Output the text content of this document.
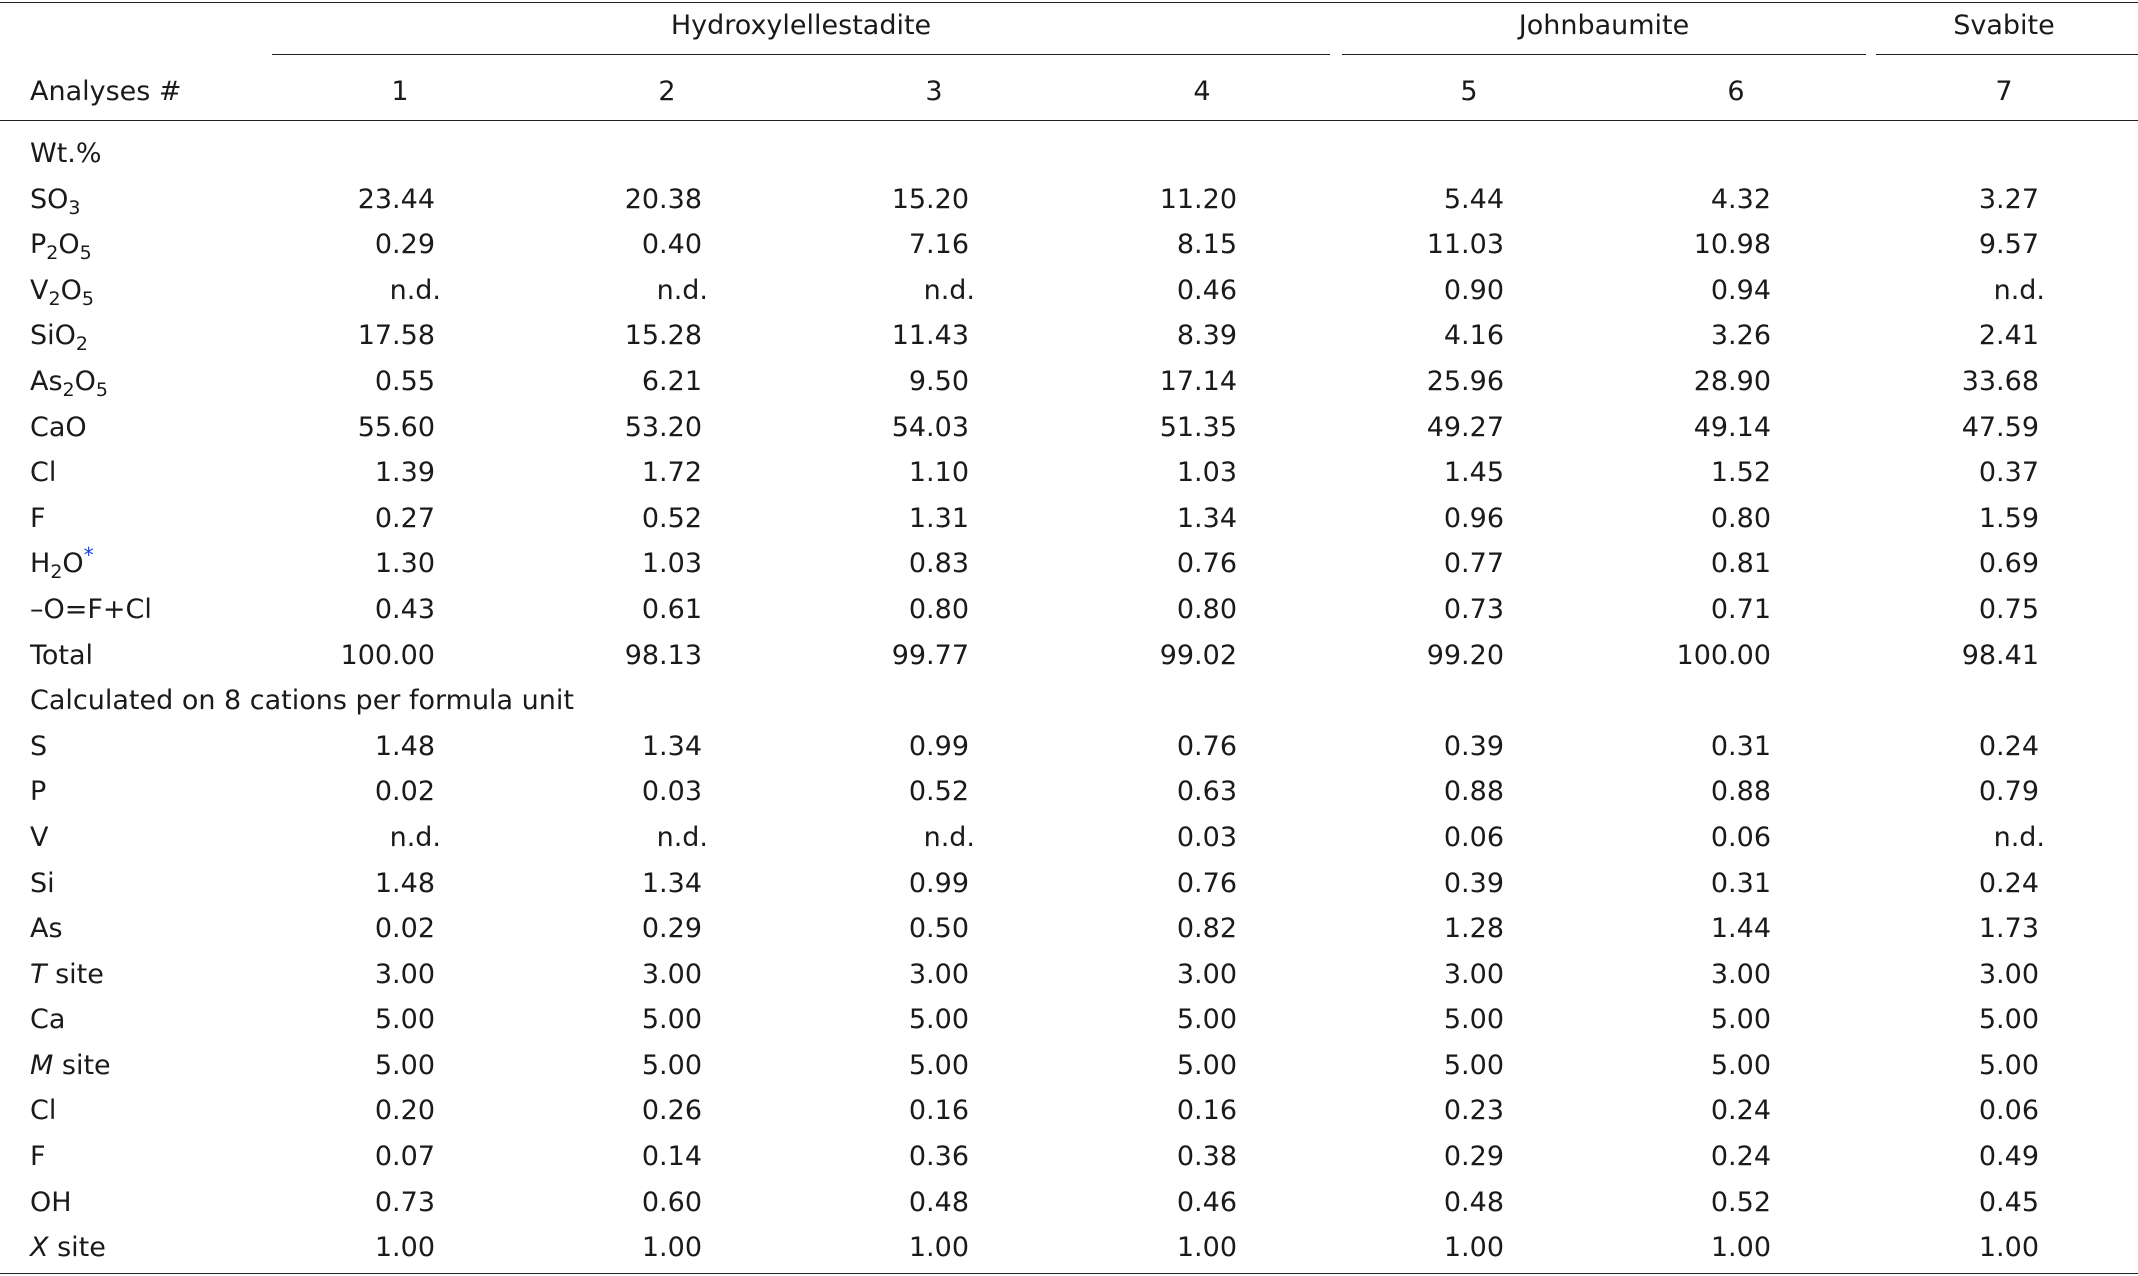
Hydroxylellestadite	Johnbaumite	Svabite
Analyses #	1	2	3	4	5	6	7
Wt.%
$SO_3$	23.44	20.38	15.20	11.20	5.44	4.32	3.27
$P_2O_5$	0.29	0.40	7.16	8.15	11.03	10.98	9.57
$V_2O_5$	n.d.	n.d.	n.d.	0.46	0.90	0.94	n.d.
SiO$_2$	17.58	15.28	11.43	8.39	4.16	3.26	2.41
$As_2O_5$	0.55	6.21	9.50	17.14	25.96	28.90	33.68
CaO	55.60	53.20	54.03	51.35	49.27	49.14	47.59
Cl	1.39	1.72	1.10	1.03	1.45	1.52	0.37
F	0.27	0.52	1.31	1.34	0.96	0.80	1.59
$H_2O^*$	1.30	1.03	0.83	0.76	0.77	0.81	0.69
–O=F+Cl	0.43	0.61	0.80	0.80	0.73	0.71	0.75
Total	100.00	98.13	99.77	99.02	99.20	100.00	98.41
Calculated on 8 cations per formula unit
S	1.48	1.34	0.99	0.76	0.39	0.31	0.24
P	0.02	0.03	0.52	0.63	0.88	0.88	0.79
V	n.d.	n.d.	n.d.	0.03	0.06	0.06	n.d.
Si	1.48	1.34	0.99	0.76	0.39	0.31	0.24
As	0.02	0.29	0.50	0.82	1.28	1.44	1.73
T site	3.00	3.00	3.00	3.00	3.00	3.00	3.00
Ca	5.00	5.00	5.00	5.00	5.00	5.00	5.00
M site	5.00	5.00	5.00	5.00	5.00	5.00	5.00
Cl	0.20	0.26	0.16	0.16	0.23	0.24	0.06
F	0.07	0.14	0.36	0.38	0.29	0.24	0.49
OH	0.73	0.60	0.48	0.46	0.48	0.52	0.45
X site	1.00	1.00	1.00	1.00	1.00	1.00	1.00
